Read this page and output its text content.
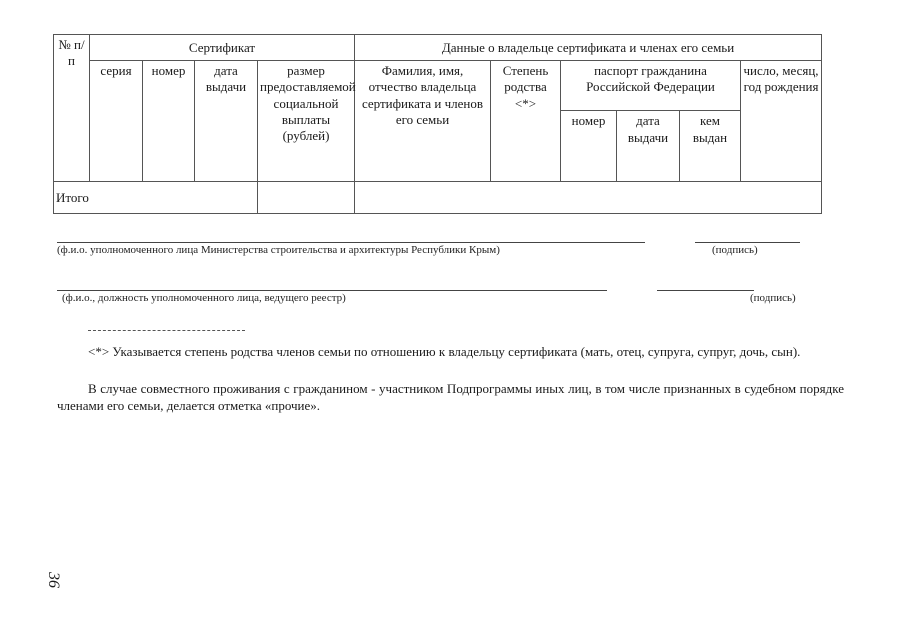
№ п/п	Сертификат				Данные о владельце сертификата и членах его семьи					
	серия	номер	дата выдачи	размер предоставляемой социальной выплаты (рублей)	Фамилия, имя, отчество владельца сертификата и членов его семьи	Степень родства <*>	паспорт гражданина Российской Федерации			число, месяц, год рождения
							номер	дата выдачи	кем выдан	
Итого										
(ф.и.о. уполномоченного лица Министерства строительства и архитектуры Республики Крым)	(подпись)
(ф.и.о., должность уполномоченного лица, ведущего реестр)	(подпись)

<*> Указывается степень родства членов семьи по отношению к владельцу сертификата (мать, отец, супруга, супруг, дочь, сын).

В случае совместного проживания с гражданином - участником Подпрограммы иных лиц, в том числе признанных в судебном порядке членами его семьи, делается отметка «прочие».

36
